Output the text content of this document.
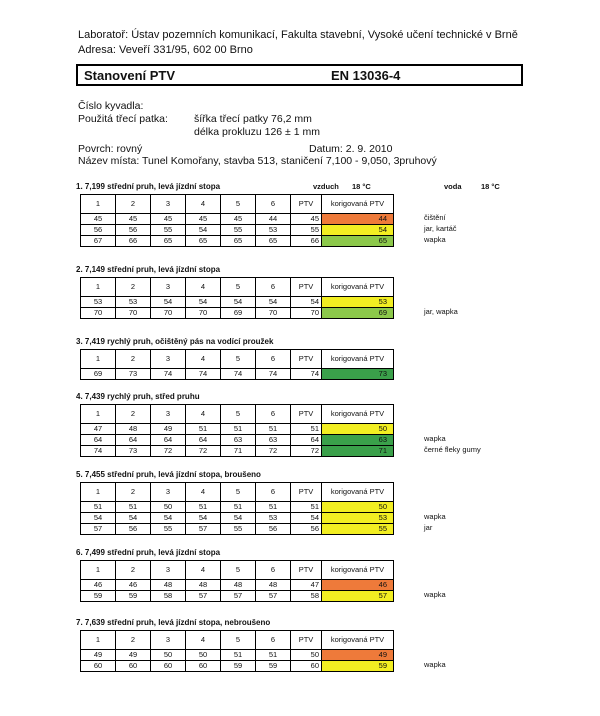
Laboratoř: Ústav pozemních komunikací, Fakulta stavební, Vysoké učení technické v Brně
Adresa: Veveří 331/95, 602 00 Brno
Stanovení PTV	EN 13036-4
Číslo kyvadla:
Použitá třecí patka: šířka třecí patky 76,2 mm
délka prokluzu 126 ± 1 mm
Povrch: rovný	Datum: 2. 9. 2010
Název místa: Tunel Komořany, stavba 513, staničení 7,100 - 9,050, 3pruhový
vzduch 18 °C	voda	18 °C
1. 7,199 střední pruh, levá jízdní stopa
čištění
jar, kartáč
wapka
1	2	3	4	5	6	PTV	korigovaná PTV
45	45	45	45	45	44	45	44
56	56	55	54	55	53	55	54
67	66	65	65	65	65	66	65
2. 7,149 střední pruh, levá jízdní stopa
jar, wapka
1	2	3	4	5	6	PTV	korigovaná PTV
53	53	54	54	54	54	54	53
70	70	70	70	69	70	70	69
3. 7,419 rychlý pruh, očištěný pás na vodící proužek
1	2	3	4	5	6	PTV	korigovaná PTV
69	73	74	74	74	74	74	73
4. 7,439 rychlý pruh, střed pruhu
wapka
černé fleky gumy
1	2	3	4	5	6	PTV	korigovaná PTV
47	48	49	51	51	51	51	50
64	64	64	64	63	63	64	63
74	73	72	72	71	72	72	71
5. 7,455 střední pruh, levá jízdní stopa, broušeno
wapka
jar
1	2	3	4	5	6	PTV	korigovaná PTV
51	51	50	51	51	51	51	50
54	54	54	54	54	53	54	53
57	56	55	57	55	56	56	55
6. 7,499 střední pruh, levá jízdní stopa
wapka
1	2	3	4	5	6	PTV	korigovaná PTV
46	46	48	48	48	48	47	46
59	59	58	57	57	57	58	57
7. 7,639 střední pruh, levá jízdní stopa, nebroušeno
wapka
1	2	3	4	5	6	PTV	korigovaná PTV
49	49	50	50	51	51	50	49
60	60	60	60	59	59	60	59
